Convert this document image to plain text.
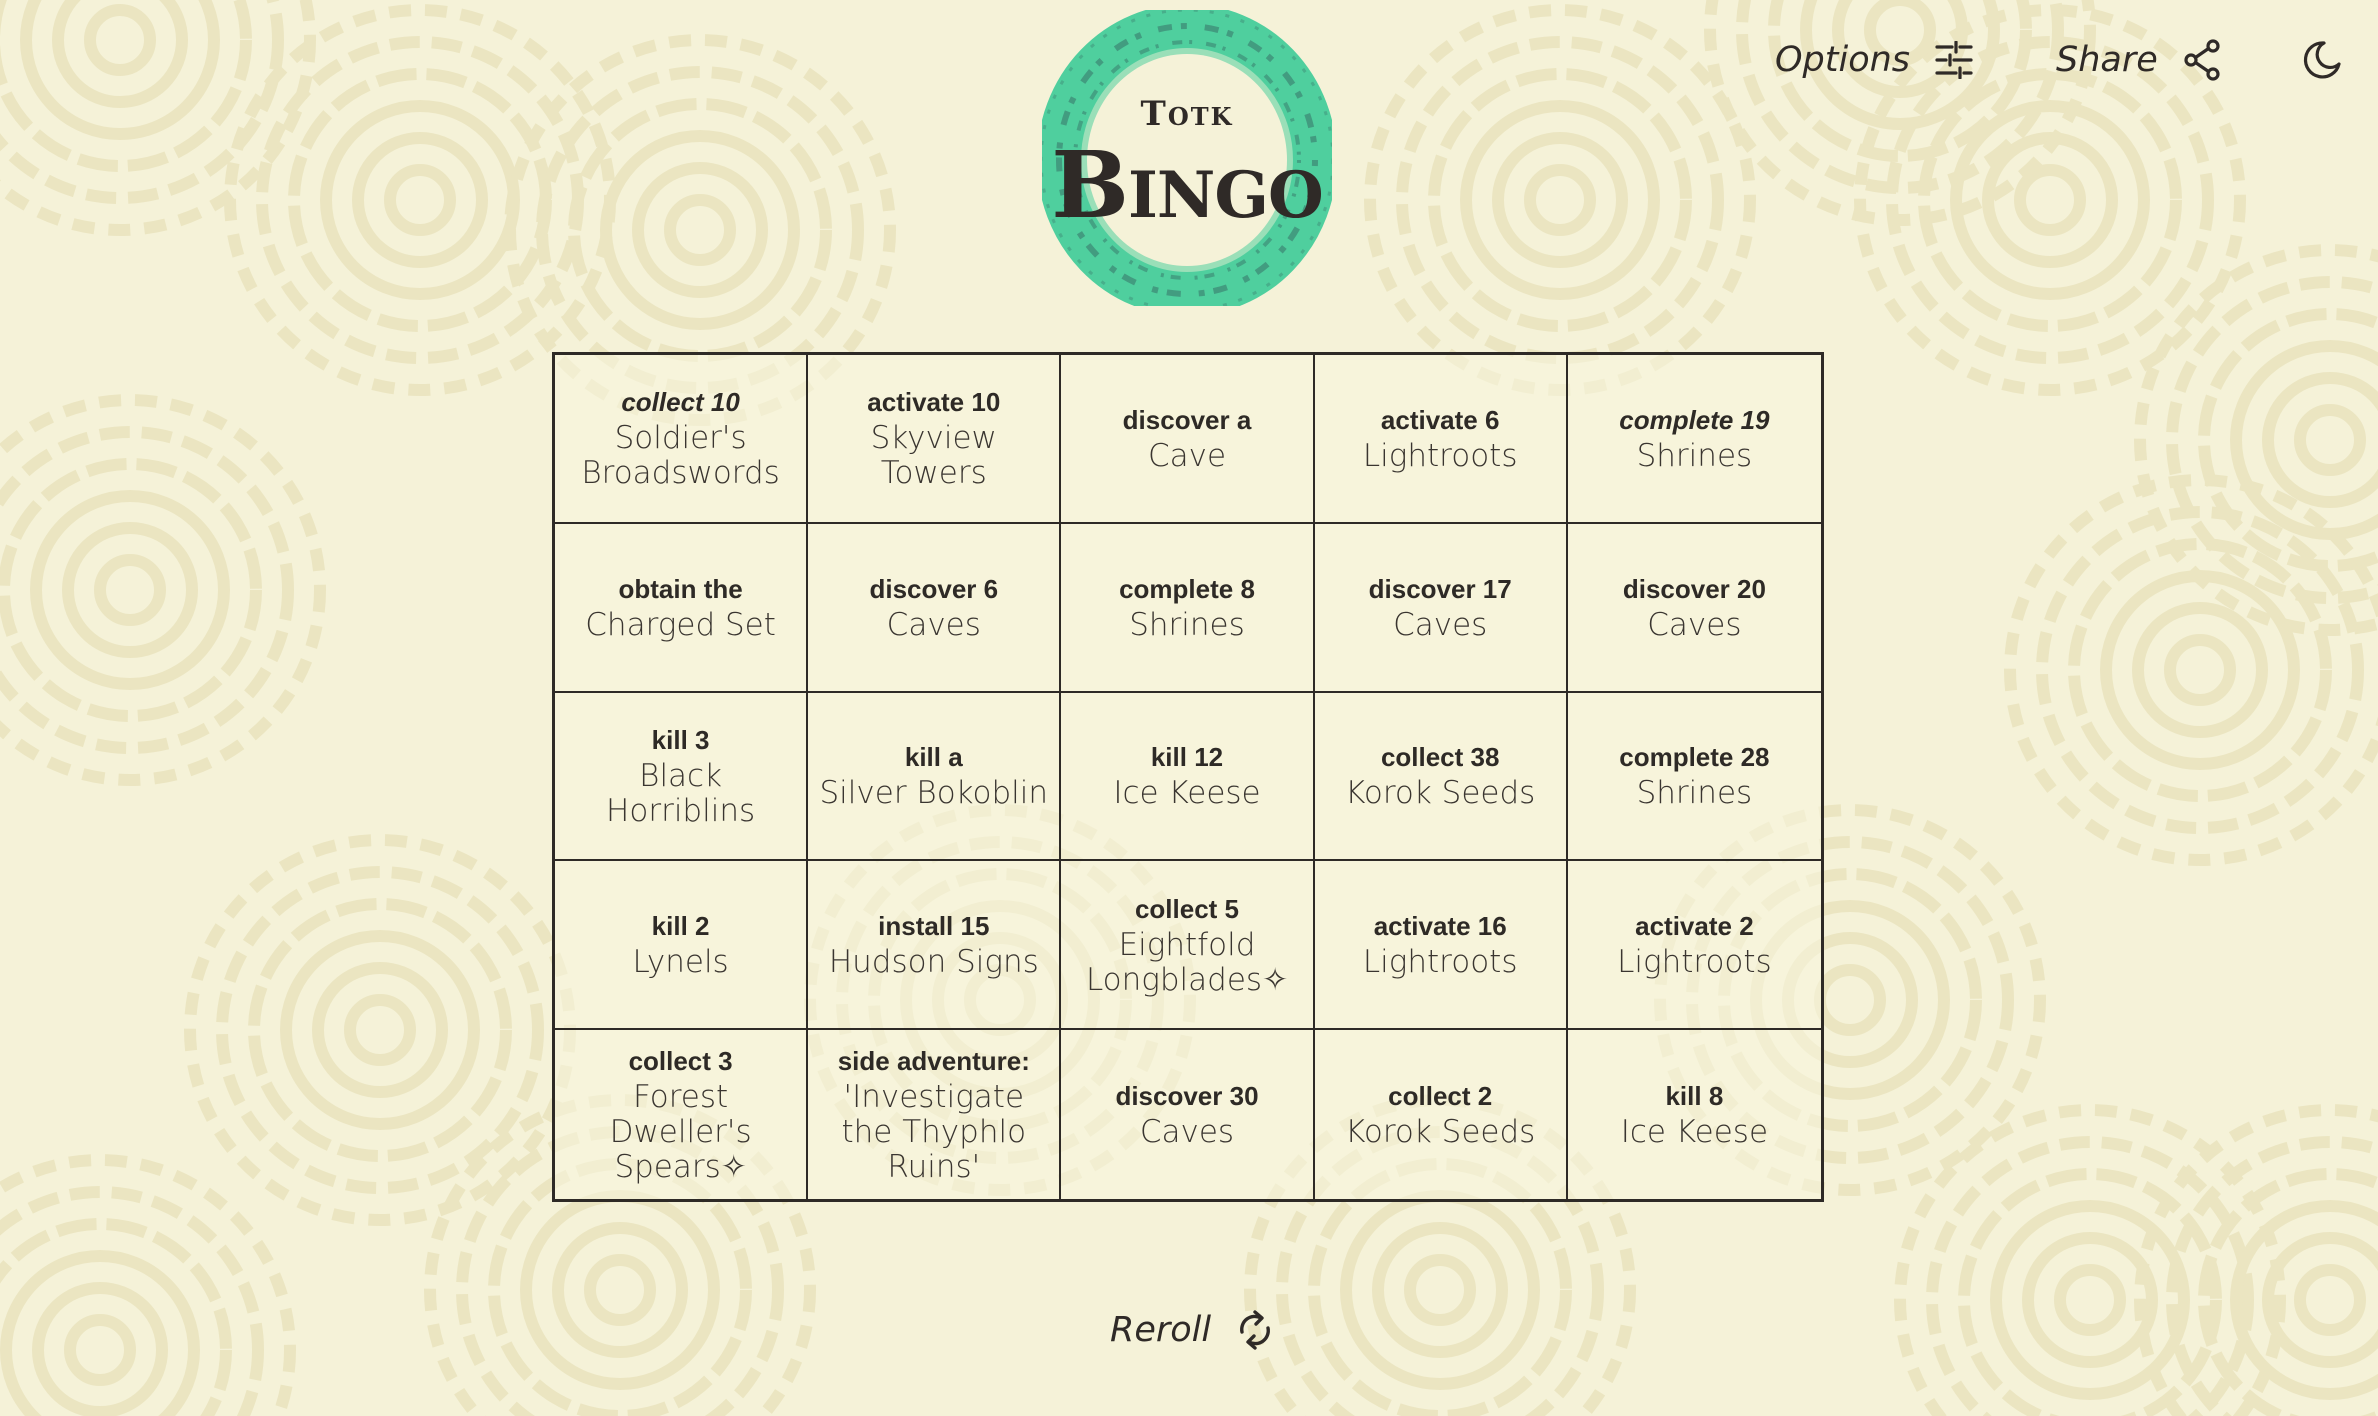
Totk
Bingo
Options	Share
collect 10
Soldier's Broadswords
activate 10
Skyview Towers
discover a
Cave
activate 6
Lightroots
complete 19
Shrines
obtain the
Charged Set
discover 6
Caves
complete 8
Shrines
discover 17
Caves
discover 20
Caves
kill 3
Black Horriblins
kill a
Silver Bokoblin
kill 12
Ice Keese
collect 38
Korok Seeds
complete 28
Shrines
kill 2
Lynels
install 15
Hudson Signs
collect 5
Eightfold Longblades✧
activate 16
Lightroots
activate 2
Lightroots
collect 3
Forest Dweller's Spears✧
side adventure:
'Investigate the Thyphlo Ruins'
discover 30
Caves
collect 2
Korok Seeds
kill 8
Ice Keese
Reroll
